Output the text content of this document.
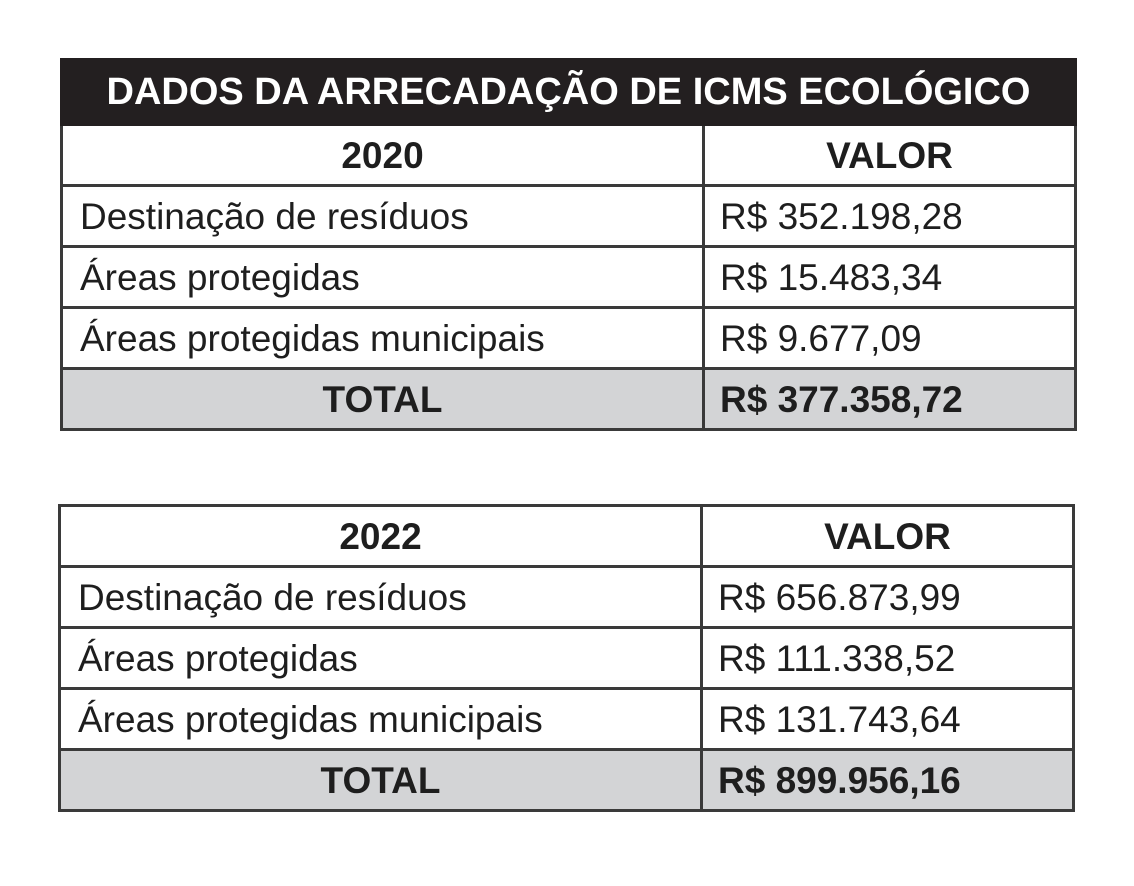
DADOS DA ARRECADAÇÃO DE ICMS ECOLÓGICO	
2020	VALOR
Destinação de resíduos	R$ 352.198,28
Áreas protegidas	R$ 15.483,34
Áreas protegidas municipais	R$ 9.677,09
TOTAL	R$ 377.358,72
2022	VALOR
Destinação de resíduos	R$ 656.873,99
Áreas protegidas	R$ 111.338,52
Áreas protegidas municipais	R$ 131.743,64
TOTAL	R$ 899.956,16
